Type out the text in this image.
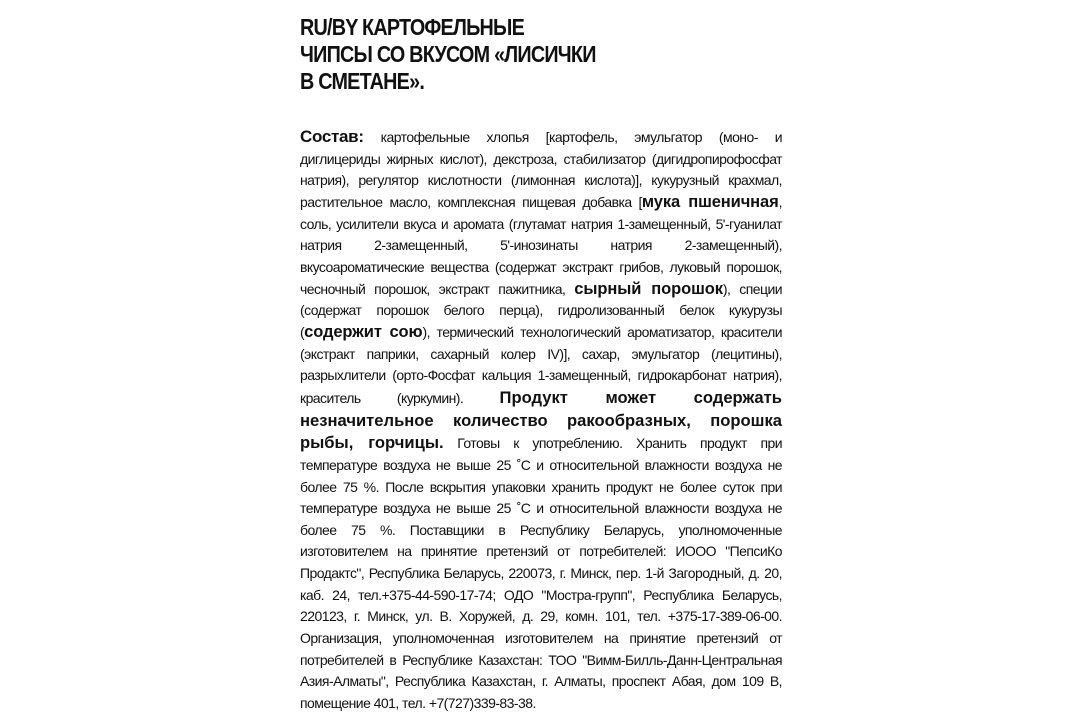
RU/BY КАРТОФЕЛЬНЫЕ
ЧИПСЫ СО ВКУСОМ «ЛИСИЧКИ
В СМЕТАНЕ».

Состав: картофельные хлопья [картофель, эмульгатор (моно- и диглицериды жирных кислот), декстроза, стабилизатор (дигидропирофосфат натрия), регулятор кислотности (лимонная кислота)], кукурузный крахмал, растительное масло, комплексная пищевая добавка [мука пшеничная, соль, усилители вкуса и аромата (глутамат натрия 1-замещенный, 5'-гуанилат натрия 2-замещенный, 5'-инозинаты натрия 2-замещенный), вкусоароматические вещества (содержат экстракт грибов, луковый порошок, чесночный порошок, экстракт пажитника, сырный порошок), специи (содержат порошок белого перца), гидролизованный белок кукурузы (содержит сою), термический технологический ароматизатор, красители (экстракт паприки, сахарный колер IV)], сахар, эмульгатор (лецитины), разрыхлители (орто-Фосфат кальция 1-замещенный, гидрокарбонат натрия), краситель (куркумин). Продукт может содержать незначительное количество ракообразных, порошка рыбы, горчицы. Готовы к употреблению. Хранить продукт при температуре воздуха не выше 25 ˚С и относительной влажности воздуха не более 75 %. После вскрытия упаковки хранить продукт не более суток при температуре воздуха не выше 25 ˚С и относительной влажности воздуха не более 75 %. Поставщики в Республику Беларусь, уполномоченные изготовителем на принятие претензий от потребителей: ИООО "ПепсиКо Продактс", Республика Беларусь, 220073, г. Минск, пер. 1-й Загородный, д. 20, каб. 24, тел.+375-44-590-17-74; ОДО "Мостра-групп", Республика Беларусь, 220123, г. Минск, ул. В. Хоружей, д. 29, комн. 101, тел. +375-17-389-06-00. Организация, уполномоченная изготовителем на принятие претензий от потребителей в Республике Казахстан: ТОО "Вимм-Билль-Данн-Центральная Азия-Алматы", Республика Казахстан, г. Алматы, проспект Абая, дом 109 В, помещение 401, тел. +7(727)339-83-38.
